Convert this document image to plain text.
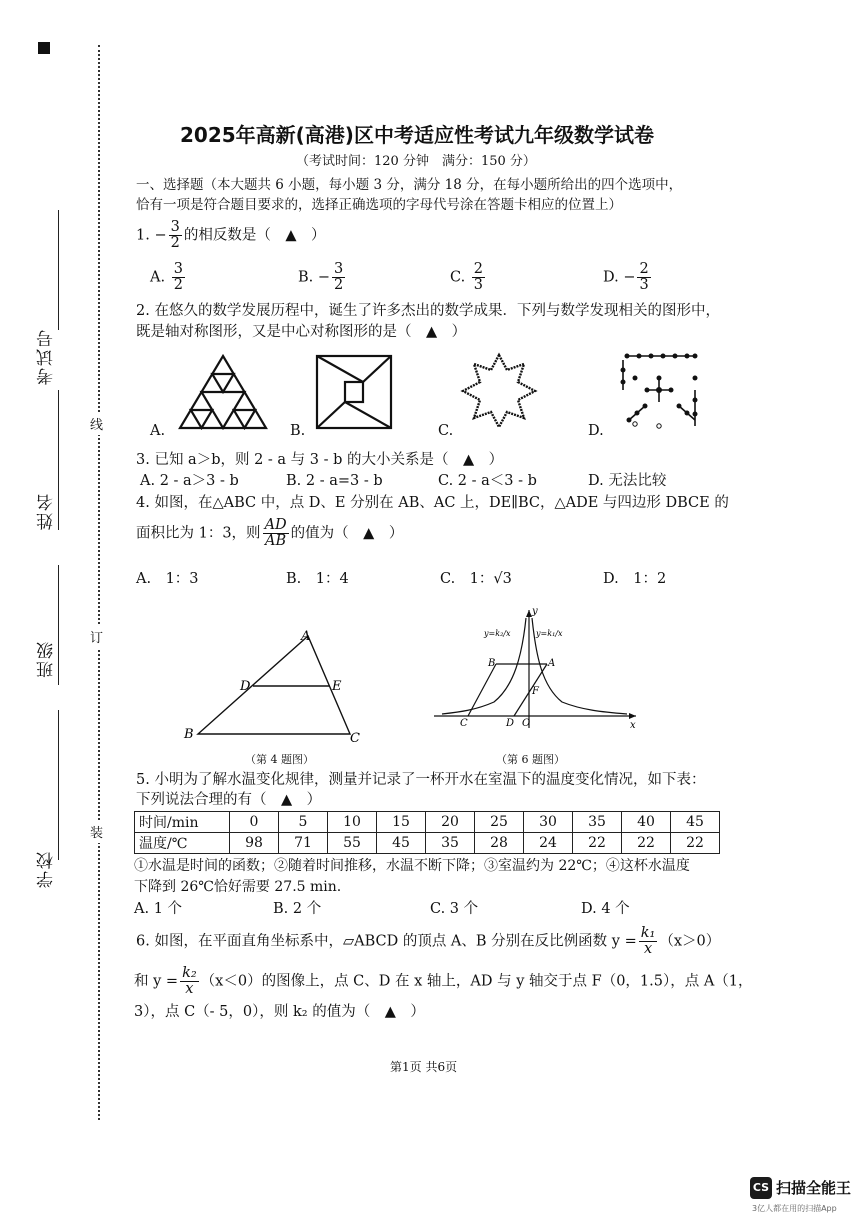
线
订
装
考试号
姓名
班级
学校
2025年高新(高港)区中考适应性考试九年级数学试卷
（考试时间：120 分钟　满分：150 分）
一、选择题（本大题共 6 小题，每小题 3 分，满分 18 分，在每小题所给出的四个选项中，
恰有一项是符合题目要求的，选择正确选项的字母代号涂在答题卡相应的位置上）
1. − $\frac{3}{2}$ 的相反数是（　▲　）
A. $\frac{3}{2}$	B. − $\frac{3}{2}$	C. $\frac{2}{3}$	D. − $\frac{2}{3}$
2. 在悠久的数学发展历程中，诞生了许多杰出的数学成果．下列与数学发现相关的图形中，
既是轴对称图形，又是中心对称图形的是（　▲　）
A.	B.	C.	D.
3. 已知 a＞b，则 2 - a 与 3 - b 的大小关系是（　▲　）
A. 2 - a＞3 - b	B. 2 - a=3 - b	C. 2 - a＜3 - b	D. 无法比较
4. 如图，在△ABC 中，点 D、E 分别在 AB、AC 上，DE∥BC，△ADE 与四边形 DBCE 的
面积比为 1：3，则 $\frac{AD}{AB}$ 的值为（　▲　）
A.　1：3	B.　1：4	C.　1：√3	D.　1：2
A
B	C
D	E
（第 4 题图）
y
x
y=k₂/x	y=k₁/x
A
B
C	D
F
O
（第 6 题图）
5. 小明为了解水温变化规律，测量并记录了一杯开水在室温下的温度变化情况，如下表：
下列说法合理的有（　▲　）
时间/min	0	5	10	15	20	25	30	35	40	45
温度/℃	98	71	55	45	35	28	24	22	22	22
①水温是时间的函数；②随着时间推移，水温不断下降；③室温约为 22℃；④这杯水温度
下降到 26℃恰好需要 27.5 min.
A. 1 个	B. 2 个	C. 3 个	D. 4 个
6. 如图，在平面直角坐标系中，▱ABCD 的顶点 A、B 分别在反比例函数 $y = \frac{\text{k₁}}{x} (x>0)$
和 $y = \frac{\text{k₂}}{x} (x<0)$的图像上，点 C、D 在 x 轴上，AD 与 y 轴交于点 F（0，1.5），点 A（1，
3），点 C（- 5，0），则 k₂ 的值为（　▲　）
第1页 共6页
CS 扫描全能王
3亿人都在用的扫描App
